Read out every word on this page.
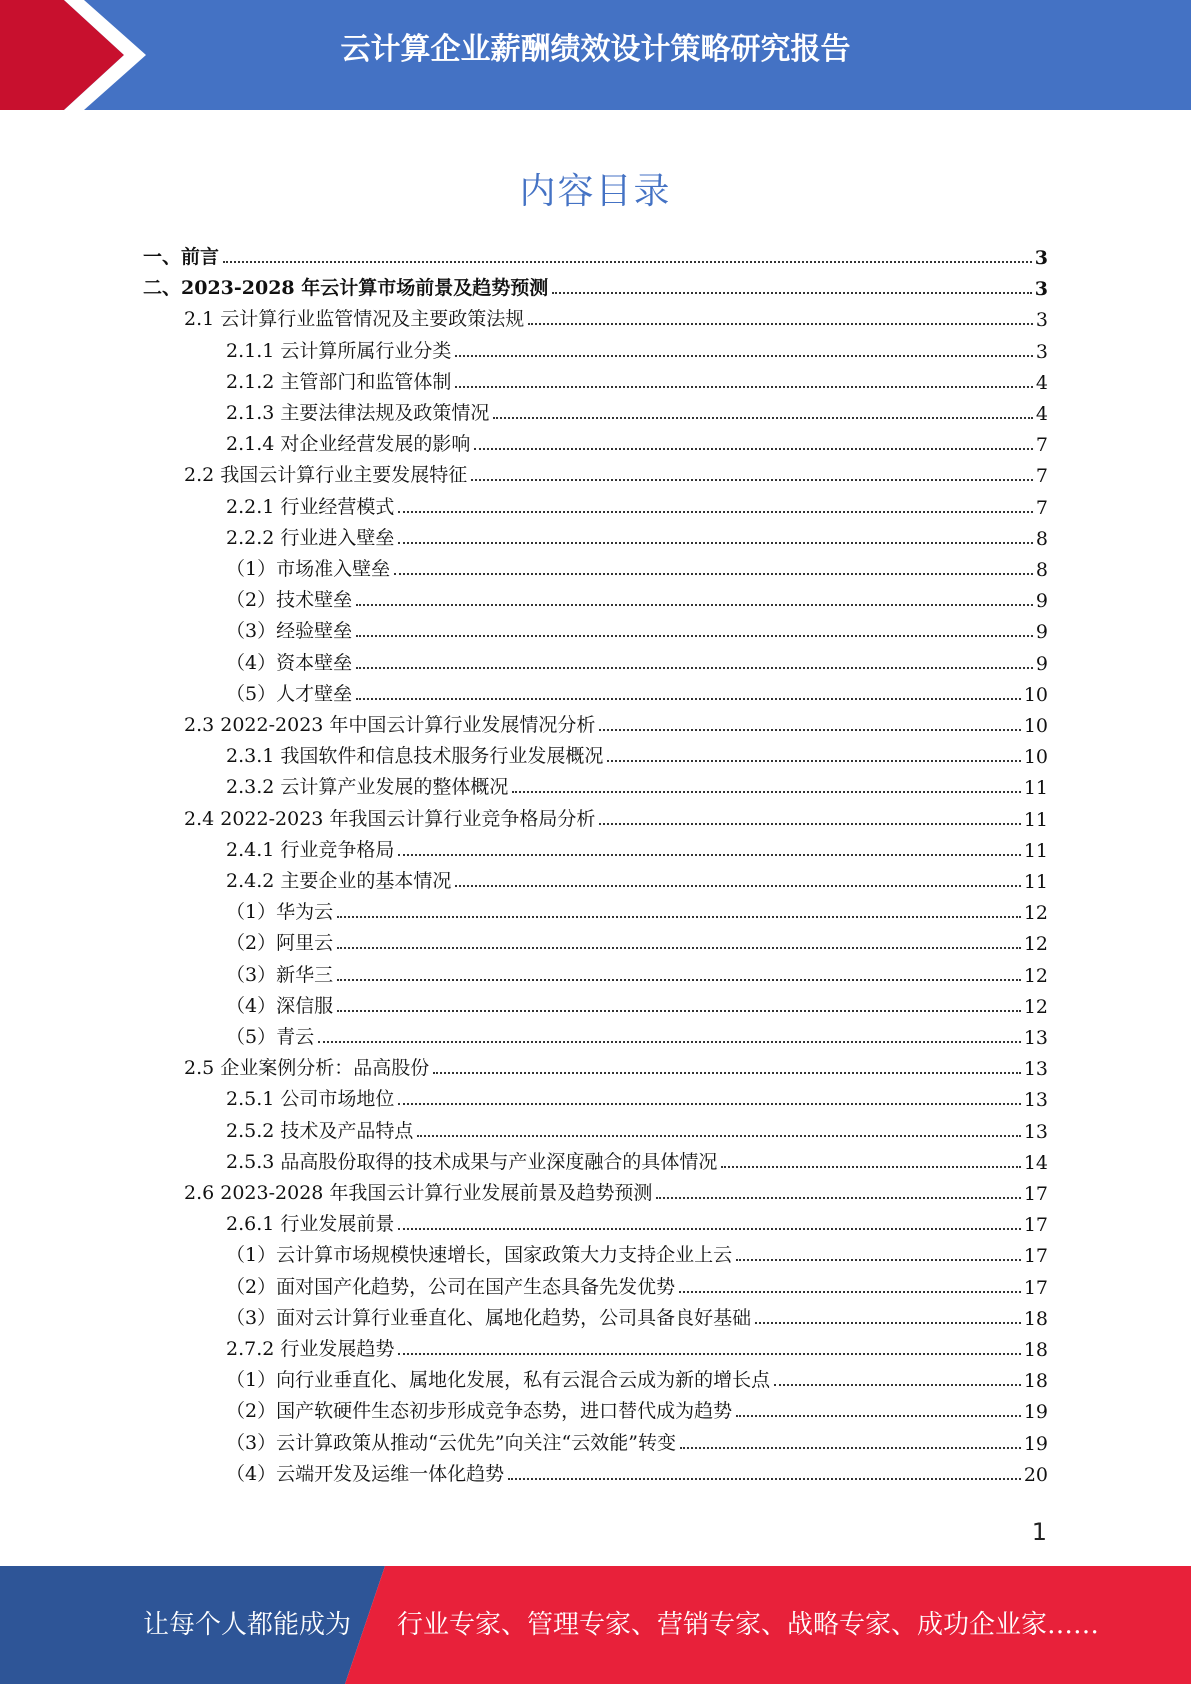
云计算企业薪酬绩效设计策略研究报告
内容目录
一、前言	3
二、2023-2028 年云计算市场前景及趋势预测	3
2.1 云计算行业监管情况及主要政策法规	3
2.1.1 云计算所属行业分类	3
2.1.2 主管部门和监管体制	4
2.1.3 主要法律法规及政策情况	4
2.1.4 对企业经营发展的影响	7
2.2 我国云计算行业主要发展特征	7
2.2.1 行业经营模式	7
2.2.2 行业进入壁垒	8
（1）市场准入壁垒	8
（2）技术壁垒	9
（3）经验壁垒	9
（4）资本壁垒	9
（5）人才壁垒	10
2.3 2022-2023 年中国云计算行业发展情况分析	10
2.3.1 我国软件和信息技术服务行业发展概况	10
2.3.2 云计算产业发展的整体概况	11
2.4 2022-2023 年我国云计算行业竞争格局分析	11
2.4.1 行业竞争格局	11
2.4.2 主要企业的基本情况	11
（1）华为云	12
（2）阿里云	12
（3）新华三	12
（4）深信服	12
（5）青云	13
2.5 企业案例分析：品高股份	13
2.5.1 公司市场地位	13
2.5.2 技术及产品特点	13
2.5.3 品高股份取得的技术成果与产业深度融合的具体情况	14
2.6 2023-2028 年我国云计算行业发展前景及趋势预测	17
2.6.1 行业发展前景	17
（1）云计算市场规模快速增长，国家政策大力支持企业上云	17
（2）面对国产化趋势，公司在国产生态具备先发优势	17
（3）面对云计算行业垂直化、属地化趋势，公司具备良好基础	18
2.7.2 行业发展趋势	18
（1）向行业垂直化、属地化发展，私有云混合云成为新的增长点	18
（2）国产软硬件生态初步形成竞争态势，进口替代成为趋势	19
（3）云计算政策从推动“云优先”向关注“云效能”转变	19
（4）云端开发及运维一体化趋势	20
1
让每个人都能成为 行业专家、管理专家、营销专家、战略专家、成功企业家……
